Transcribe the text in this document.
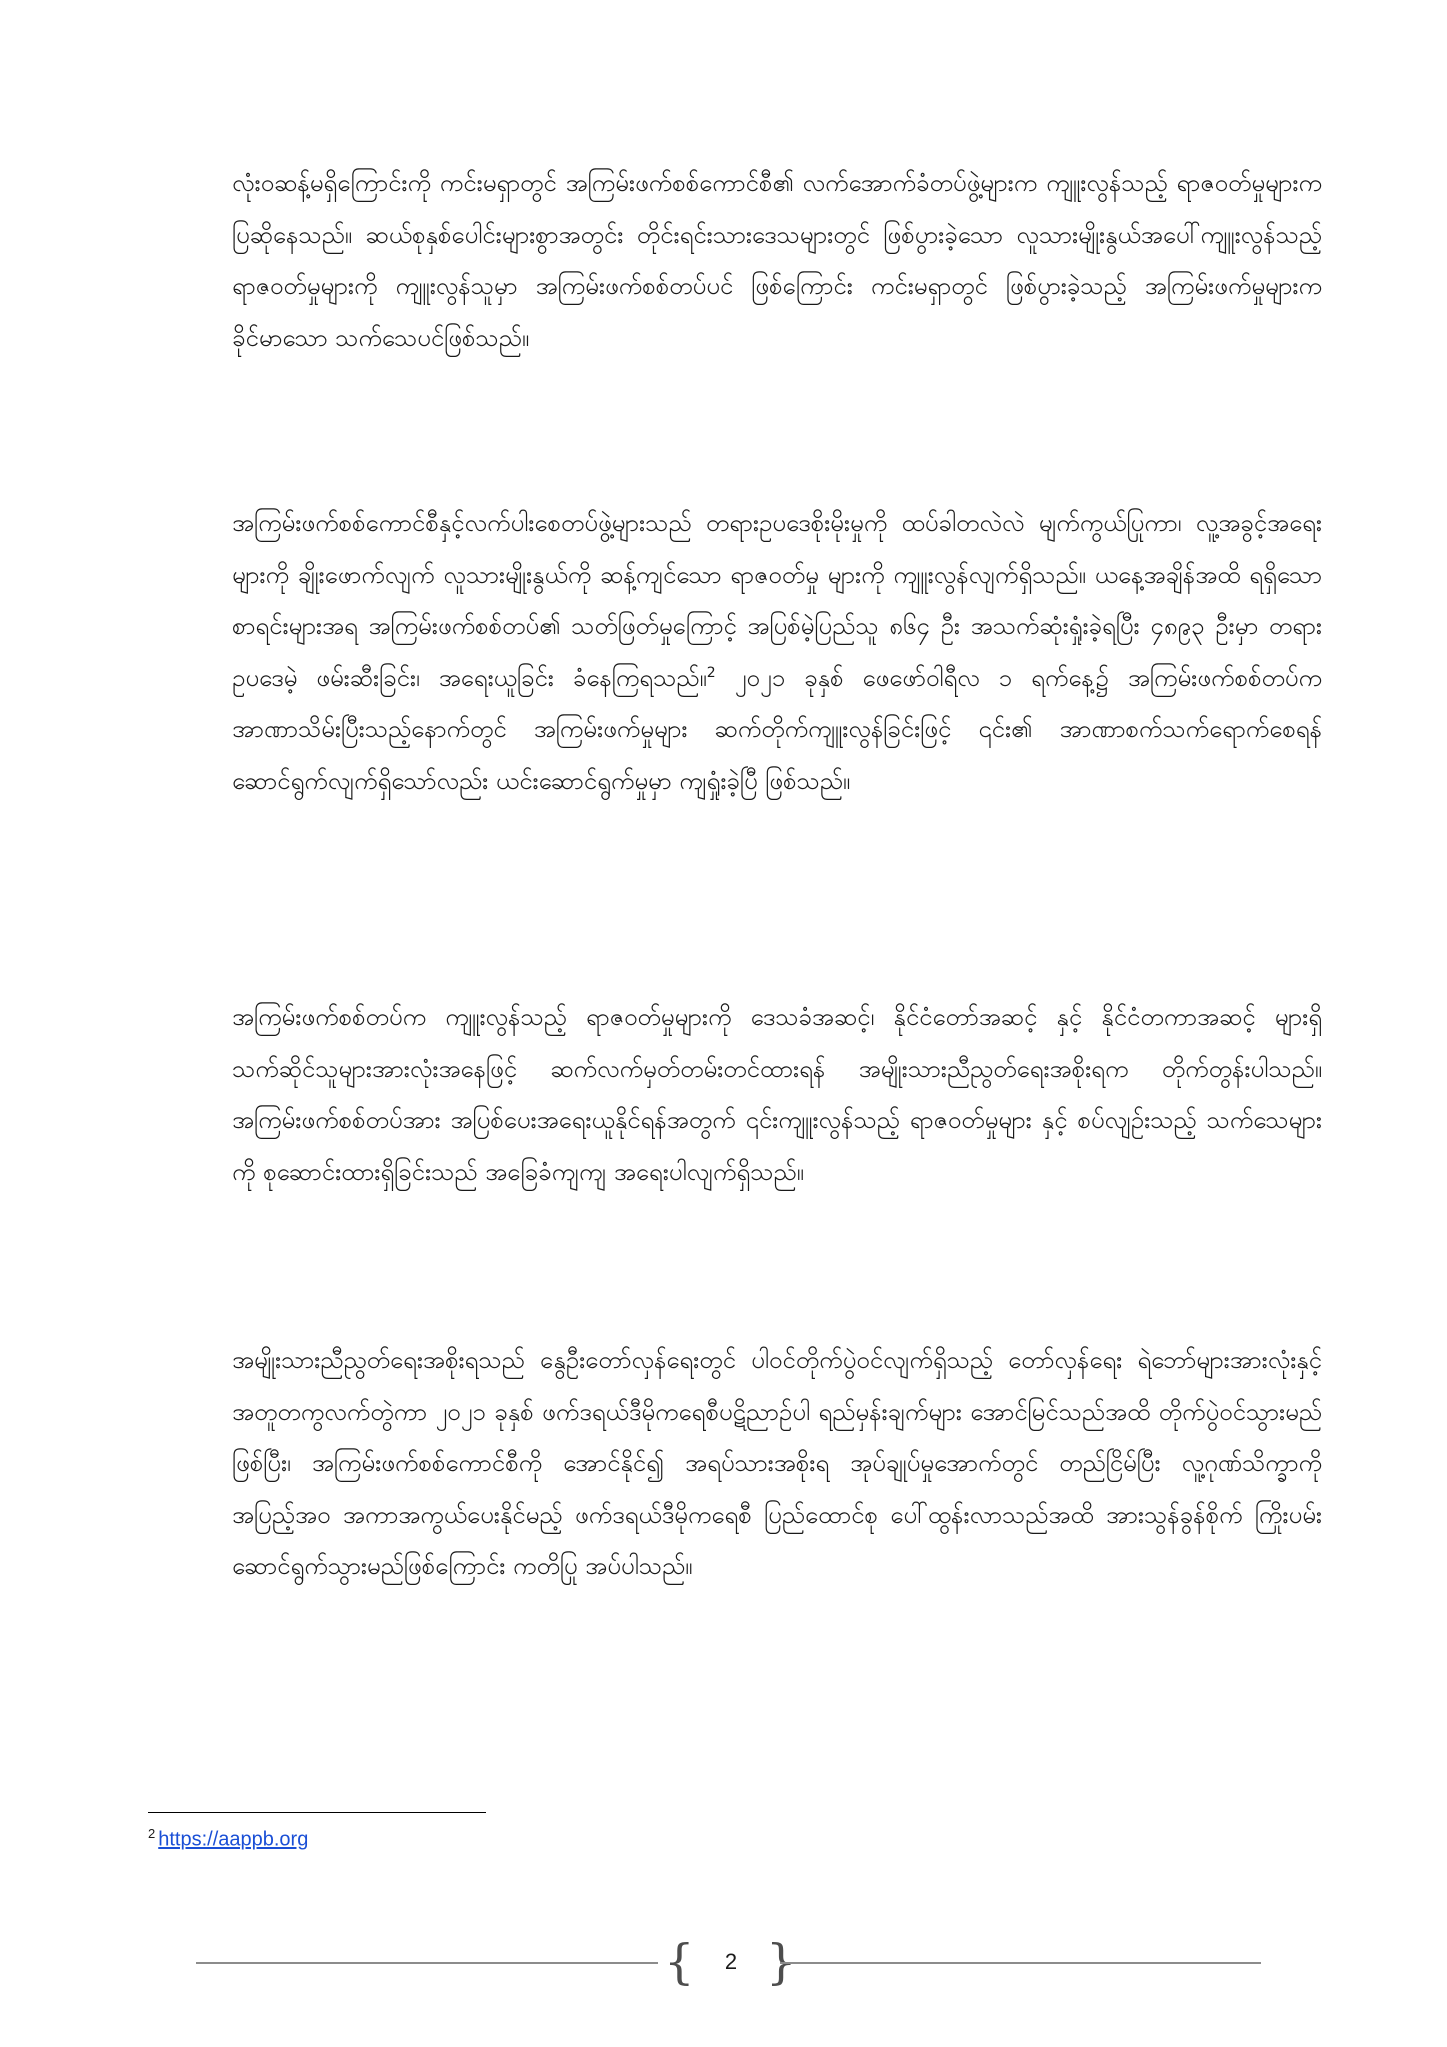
လုံးဝဆန့်မရှိကြောင်းကို ကင်းမရှာတွင် အကြမ်းဖက်စစ်ကောင်စီ၏ လက်အောက်ခံတပ်ဖွဲ့များက ကျူးလွန်သည့် ရာဇဝတ်မှုများက ပြဆိုနေသည်။ ဆယ်စုနှစ်ပေါင်းများစွာအတွင်း တိုင်းရင်းသားဒေသများတွင် ဖြစ်ပွားခဲ့သော လူသားမျိုးနွယ်အပေါ်ကျူးလွန်သည့် ရာဇဝတ်မှုများကို ကျူးလွန်သူမှာ အကြမ်းဖက်စစ်တပ်ပင် ဖြစ်ကြောင်း ကင်းမရှာတွင် ဖြစ်ပွားခဲ့သည့် အကြမ်းဖက်မှုများက ခိုင်မာသော သက်သေပင်ဖြစ်သည်။

အကြမ်းဖက်စစ်ကောင်စီနှင့်လက်ပါးစေတပ်ဖွဲ့များသည် တရားဥပဒေစိုးမိုးမှုကို ထပ်ခါတလဲလဲ မျက်ကွယ်ပြုကာ၊ လူ့အခွင့်အရေးများကို ချိုးဖောက်လျက် လူသားမျိုးနွယ်ကို ဆန့်ကျင်သော ရာဇဝတ်မှု များကို ကျူးလွန်လျက်ရှိသည်။ ယနေ့အချိန်အထိ ရရှိသော စာရင်းများအရ အကြမ်းဖက်စစ်တပ်၏ သတ်ဖြတ်မှုကြောင့် အပြစ်မဲ့ပြည်သူ ၈၆၄ ဦး အသက်ဆုံးရှုံးခဲ့ရပြီး ၄၈၉၃ ဦးမှာ တရားဥပဒေမဲ့ ဖမ်းဆီးခြင်း၊ အရေးယူခြင်း ခံနေကြရသည်။$^2$ ၂၀၂၁ ခုနှစ် ဖေဖော်ဝါရီလ ၁ ရက်နေ့၌ အကြမ်းဖက်စစ်တပ်က အာဏာသိမ်းပြီးသည့်နောက်တွင် အကြမ်းဖက်မှုများ ဆက်တိုက်ကျူးလွန်ခြင်းဖြင့် ၎င်း၏ အာဏာစက်သက်ရောက်စေရန် ဆောင်ရွက်လျက်ရှိသော်လည်း ယင်းဆောင်ရွက်မှုမှာ ကျရှုံးခဲ့ပြီ ဖြစ်သည်။

အကြမ်းဖက်စစ်တပ်က ကျူးလွန်သည့် ရာဇဝတ်မှုများကို ဒေသခံအဆင့်၊ နိုင်ငံတော်အဆင့် နှင့် နိုင်ငံတကာအဆင့် များရှိ သက်ဆိုင်သူများအားလုံးအနေဖြင့် ဆက်လက်မှတ်တမ်းတင်ထားရန် အမျိုးသားညီညွတ်ရေးအစိုးရက တိုက်တွန်းပါသည်။ အကြမ်းဖက်စစ်တပ်အား အပြစ်ပေးအရေးယူနိုင်ရန်အတွက် ၎င်းကျူးလွန်သည့် ရာဇဝတ်မှုများ နှင့် စပ်လျဉ်းသည့် သက်သေများကို စုဆောင်းထားရှိခြင်းသည် အခြေခံကျကျ အရေးပါလျက်ရှိသည်။

အမျိုးသားညီညွတ်ရေးအစိုးရသည် နွေဦးတော်လှန်ရေးတွင် ပါဝင်တိုက်ပွဲဝင်လျက်ရှိသည့် တော်လှန်ရေး ရဲဘော်များအားလုံးနှင့် အတူတကွလက်တွဲကာ ၂၀၂၁ ခုနှစ် ဖက်ဒရယ်ဒီမိုကရေစီပဋိညာဉ်ပါ ရည်မှန်းချက်များ အောင်မြင်သည်အထိ တိုက်ပွဲဝင်သွားမည်ဖြစ်ပြီး၊ အကြမ်းဖက်စစ်ကောင်စီကို အောင်နိုင်၍ အရပ်သားအစိုးရ အုပ်ချုပ်မှုအောက်တွင် တည်ငြိမ်ပြီး လူ့ဂုဏ်သိက္ခာကို အပြည့်အဝ အကာအကွယ်ပေးနိုင်မည့် ဖက်ဒရယ်ဒီမိုကရေစီ ပြည်ထောင်စု ပေါ်ထွန်းလာသည်အထိ အားသွန်ခွန်စိုက် ကြိုးပမ်းဆောင်ရွက်သွားမည်ဖြစ်ကြောင်း ကတိပြု အပ်ပါသည်။

$^2$ https://aappb.org
{	2 }
